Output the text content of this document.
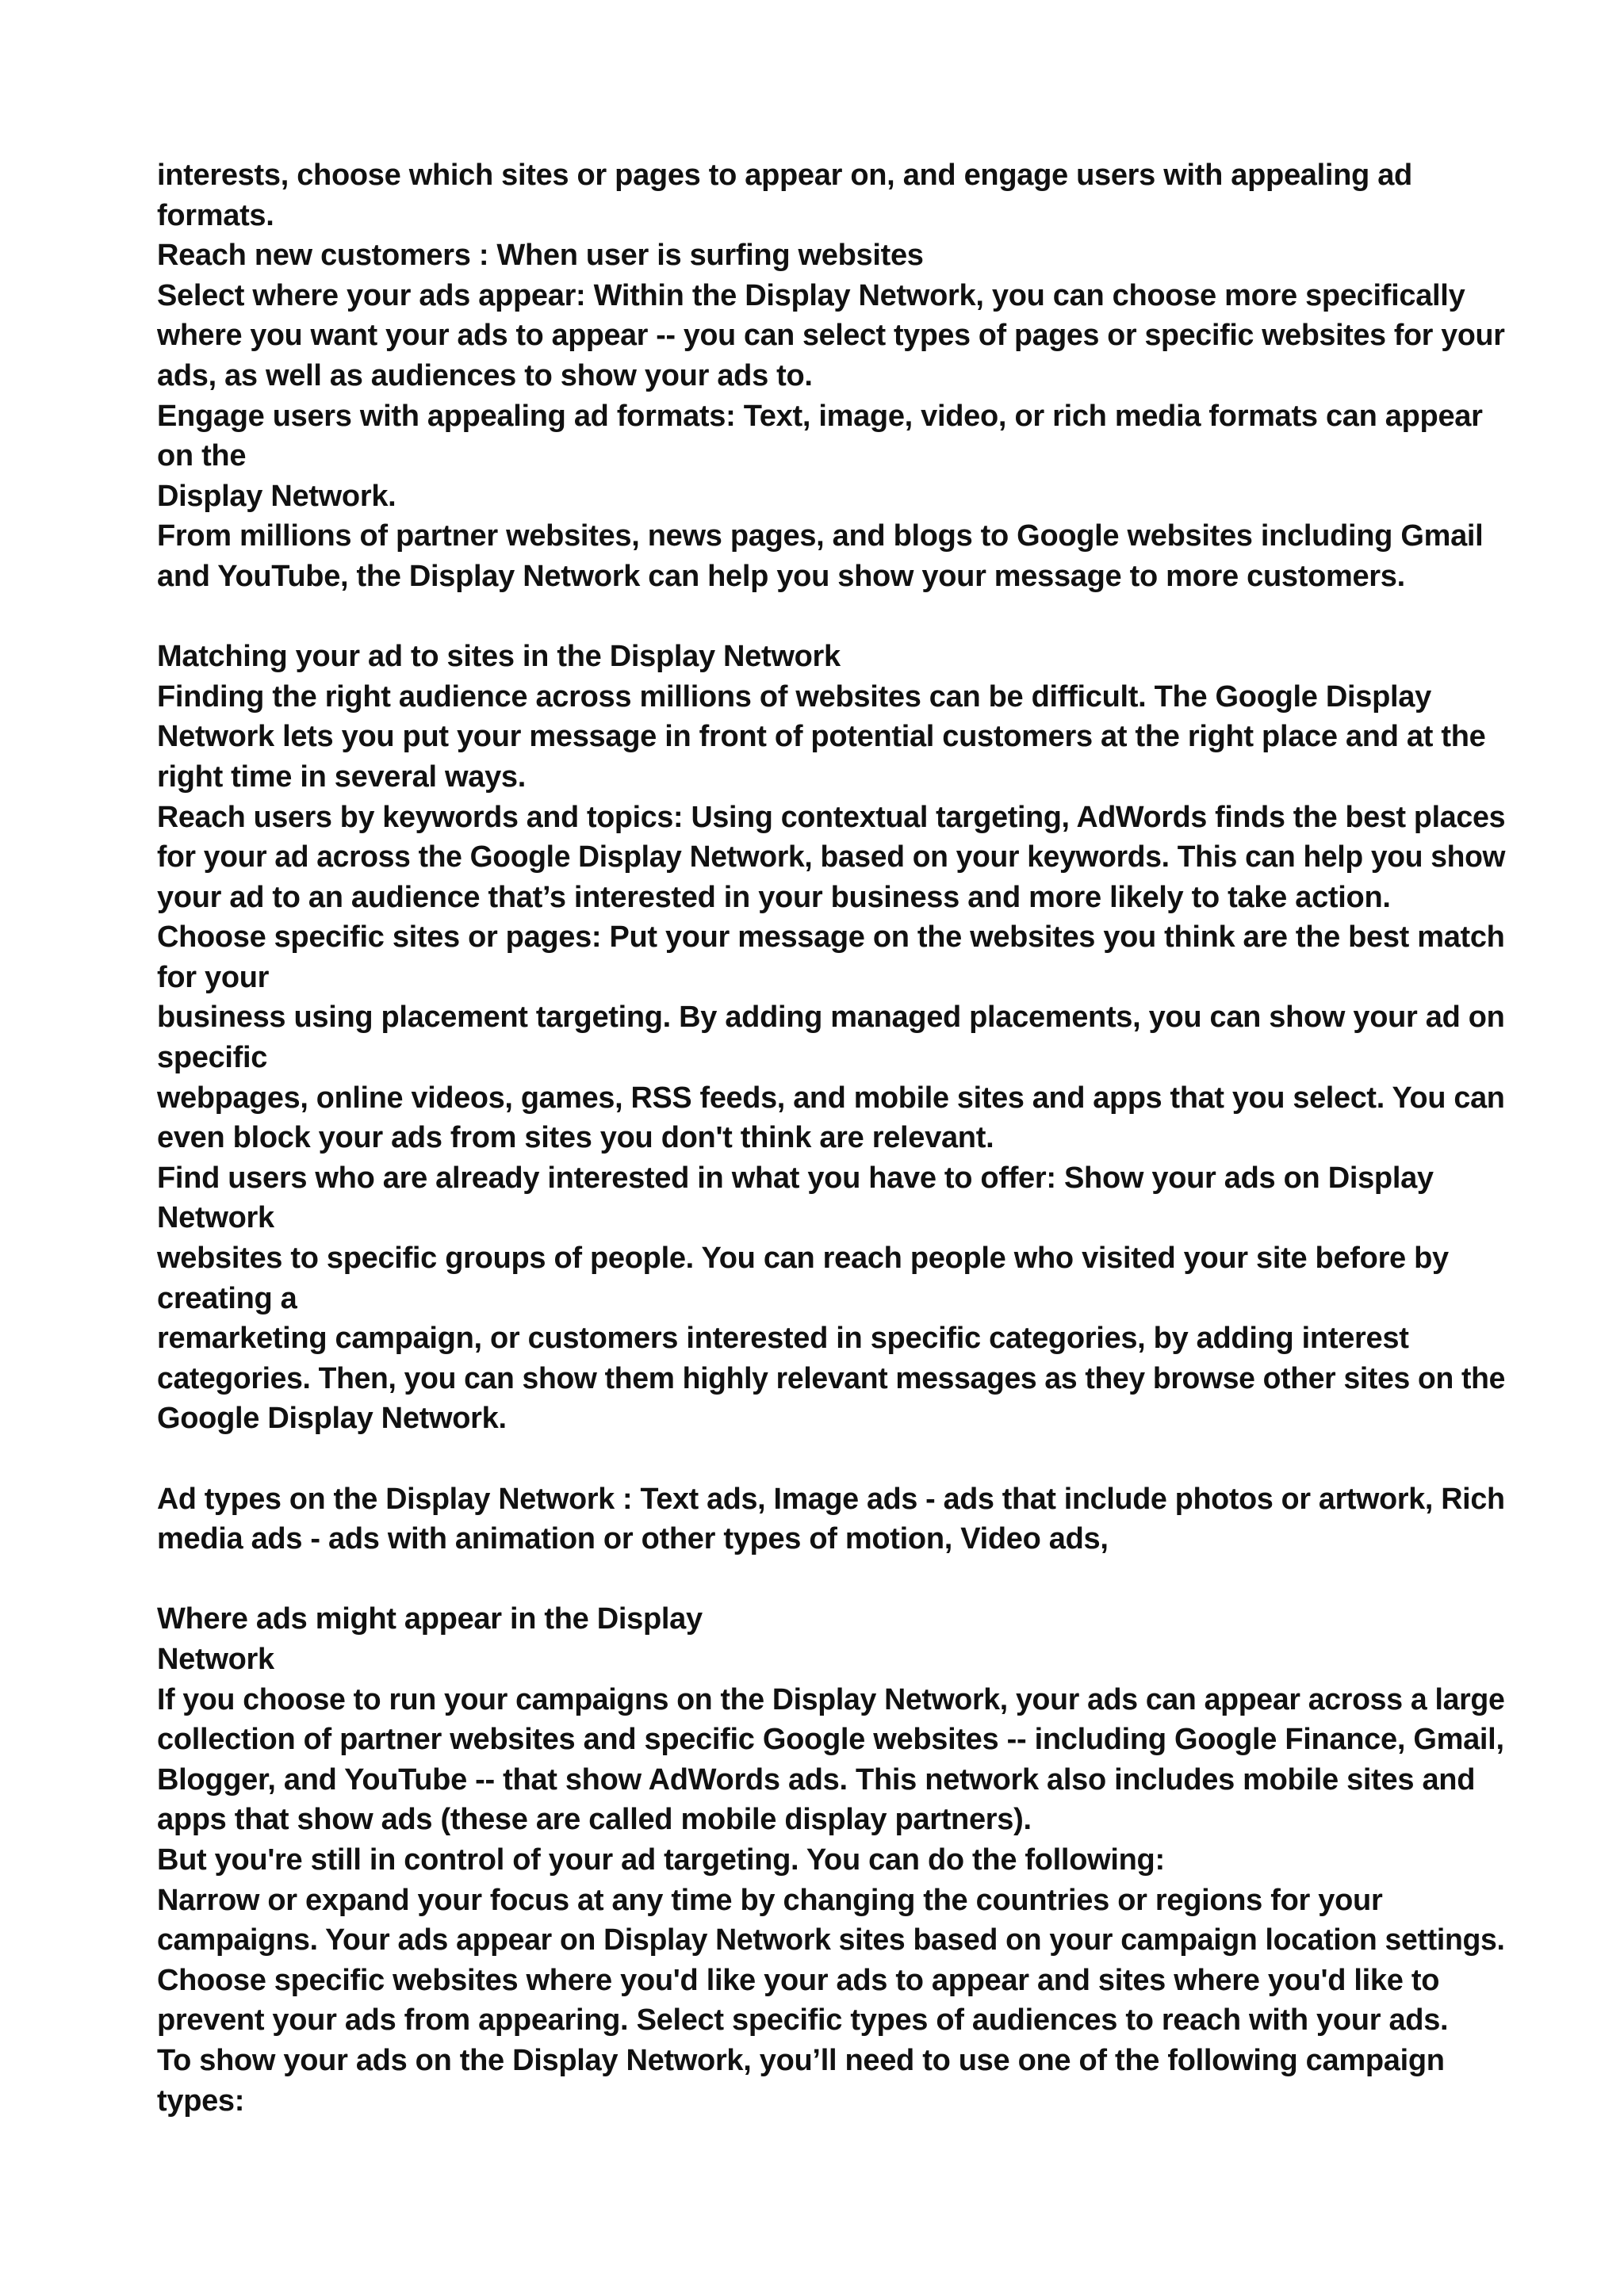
interests, choose which sites or pages to appear on, and engage users with appealing ad
formats.
Reach new customers : When user is surfing websites
Select where your ads appear: Within the Display Network, you can choose more specifically
where you want your ads to appear -- you can select types of pages or specific websites for your
ads, as well as audiences to show your ads to.
Engage users with appealing ad formats: Text, image, video, or rich media formats can appear
on the
Display Network.
From millions of partner websites, news pages, and blogs to Google websites including Gmail
and YouTube, the Display Network can help you show your message to more customers.
Matching your ad to sites in the Display Network
Finding the right audience across millions of websites can be difficult. The Google Display
Network lets you put your message in front of potential customers at the right place and at the
right time in several ways.
Reach users by keywords and topics: Using contextual targeting, AdWords finds the best places
for your ad across the Google Display Network, based on your keywords. This can help you show
your ad to an audience that’s interested in your business and more likely to take action.
Choose specific sites or pages: Put your message on the websites you think are the best match
for your
business using placement targeting. By adding managed placements, you can show your ad on
specific
webpages, online videos, games, RSS feeds, and mobile sites and apps that you select. You can
even block your ads from sites you don't think are relevant.
Find users who are already interested in what you have to offer: Show your ads on Display
Network
websites to specific groups of people. You can reach people who visited your site before by
creating a
remarketing campaign, or customers interested in specific categories, by adding interest
categories. Then, you can show them highly relevant messages as they browse other sites on the
Google Display Network.
Ad types on the Display Network : Text ads, Image ads - ads that include photos or artwork, Rich
media ads - ads with animation or other types of motion, Video ads,
Where ads might appear in the Display
Network
If you choose to run your campaigns on the Display Network, your ads can appear across a large
collection of partner websites and specific Google websites -- including Google Finance, Gmail,
Blogger, and YouTube -- that show AdWords ads. This network also includes mobile sites and
apps that show ads (these are called mobile display partners).
But you're still in control of your ad targeting. You can do the following:
Narrow or expand your focus at any time by changing the countries or regions for your
campaigns. Your ads appear on Display Network sites based on your campaign location settings.
Choose specific websites where you'd like your ads to appear and sites where you'd like to
prevent your ads from appearing. Select specific types of audiences to reach with your ads.
To show your ads on the Display Network, you’ll need to use one of the following campaign
types:
